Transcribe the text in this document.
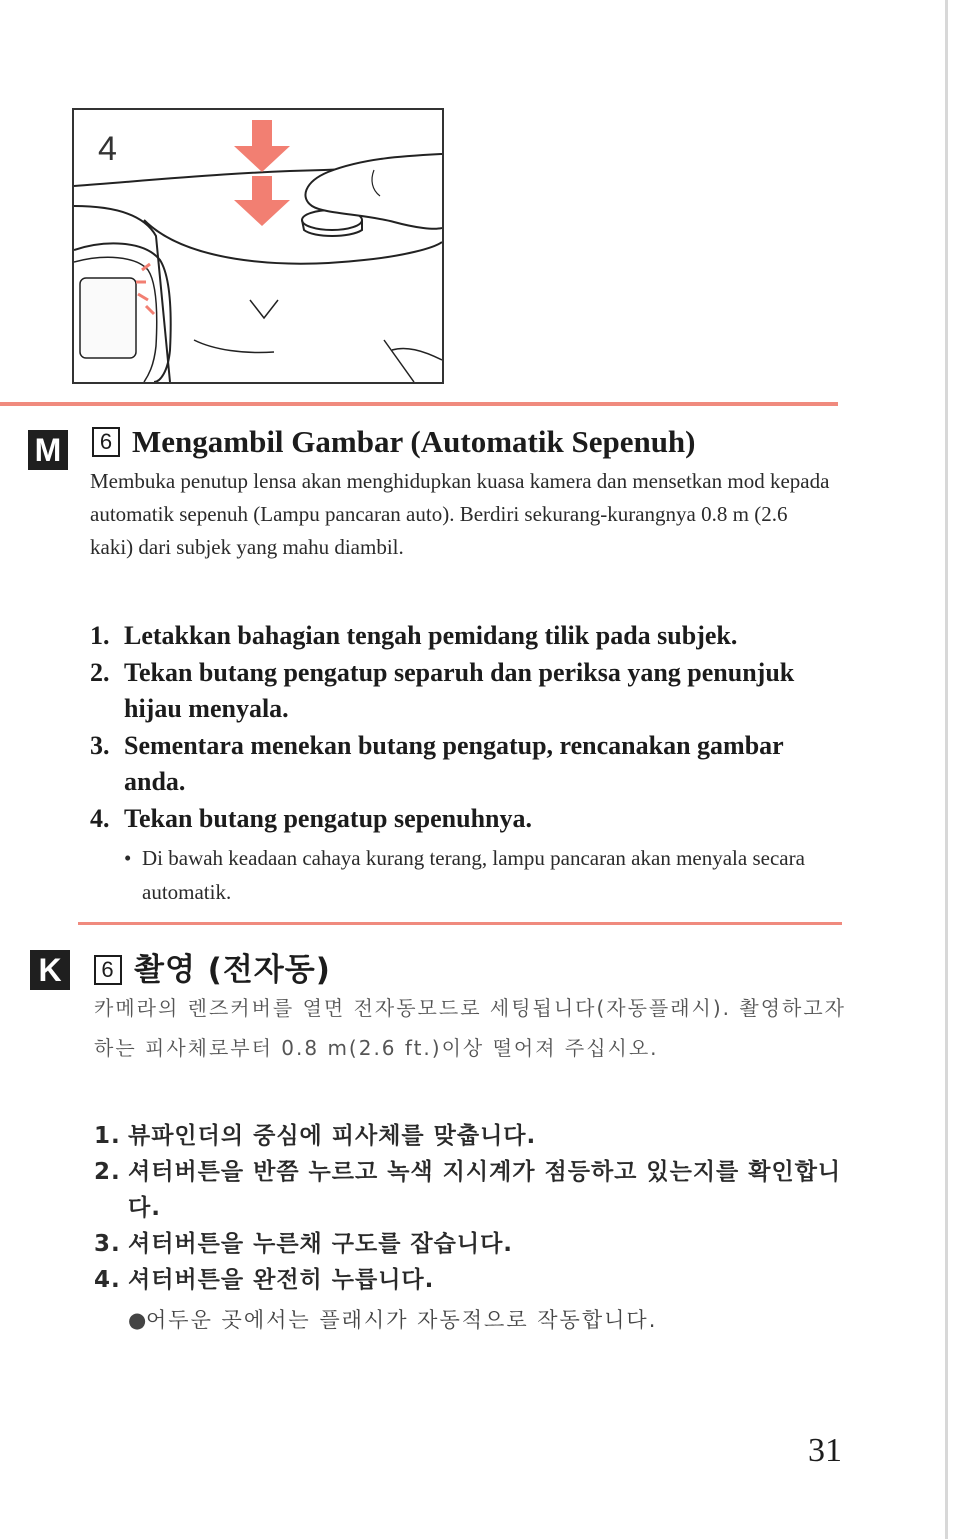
4
M	6 Mengambil Gambar (Automatik Sepenuh)

Membuka penutup lensa akan menghidupkan kuasa kamera dan mensetkan mod kepada automatik sepenuh (Lampu pancaran auto). Berdiri sekurang-kurangnya 0.8 m (2.6 kaki) dari subjek yang mahu diambil.

1. Letakkan bahagian tengah pemidang tilik pada subjek.
2. Tekan butang pengatup separuh dan periksa yang penunjuk hijau menyala.
3. Sementara menekan butang pengatup, rencanakan gambar anda.
4. Tekan butang pengatup sepenuhnya.
• Di bawah keadaan cahaya kurang terang, lampu pancaran akan menyala secara automatik.
K	6 촬영 (전자동)

카메라의 렌즈커버를 열면 전자동모드로 세팅됩니다(자동플래시). 촬영하고자 하는 피사체로부터 0.8 m(2.6 ft.)이상 떨어져 주십시오.

1. 뷰파인더의 중심에 피사체를 맞춥니다.
2. 셔터버튼을 반쯤 누르고 녹색 지시계가 점등하고 있는지를 확인합니다.
3. 셔터버튼을 누른채 구도를 잡습니다.
4. 셔터버튼을 완전히 누릅니다.
●
어두운 곳에서는 플래시가 자동적으로 작동합니다.
31
